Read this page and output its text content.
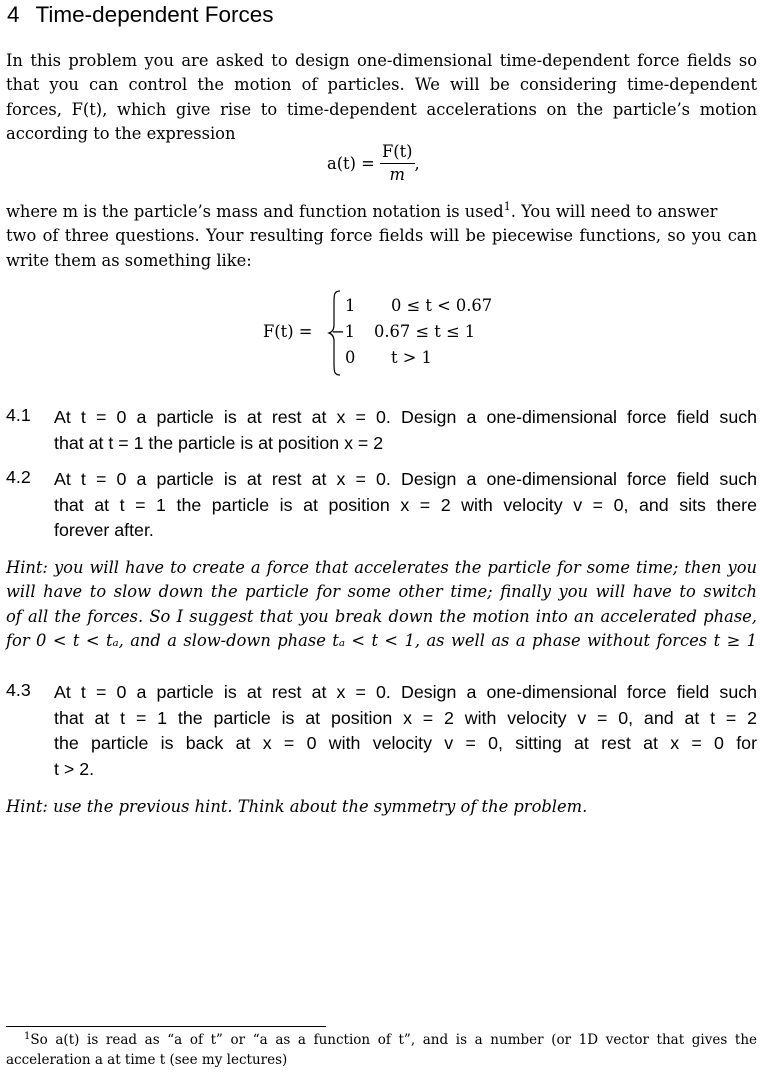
4 Time-dependent Forces
In this problem you are asked to design one-dimensional time-dependent force fields so
that you can control the motion of particles. We will be considering time-dependent
forces, F(t), which give rise to time-dependent accelerations on the particle’s motion
according to the expression
$a(t) = \frac{F(t)}{m}$ ,
where m is the particle’s mass and function notation is used$^1$. You will need to answer
two of three questions. Your resulting force fields will be piecewise functions, so you can
write them as something like:
F(t) =
1 0 ≤ t < 0.67
−1 0.67 ≤ t ≤ 1
0 t > 1
4.1 At t = 0 a particle is at rest at x = 0. Design a one-dimensional force field such
that at t = 1 the particle is at position x = 2
4.2 At t = 0 a particle is at rest at x = 0. Design a one-dimensional force field such
that at t = 1 the particle is at position x = 2 with velocity v = 0, and sits there
forever after.
Hint: you will have to create a force that accelerates the particle for some time; then you
will have to slow down the particle for some other time; finally you will have to switch
of all the forces. So I suggest that you break down the motion into an accelerated phase,
for 0 < t < tₐ, and a slow-down phase tₐ < t < 1, as well as a phase without forces t ≥ 1
4.3 At t = 0 a particle is at rest at x = 0. Design a one-dimensional force field such
that at t = 1 the particle is at position x = 2 with velocity v = 0, and at t = 2
the particle is back at x = 0 with velocity v = 0, sitting at rest at x = 0 for
t > 2.
Hint: use the previous hint. Think about the symmetry of the problem.
$^1$So a(t) is read as “a of t” or “a as a function of t”, and is a number (or 1D vector that gives the
acceleration a at time t (see my lectures)
